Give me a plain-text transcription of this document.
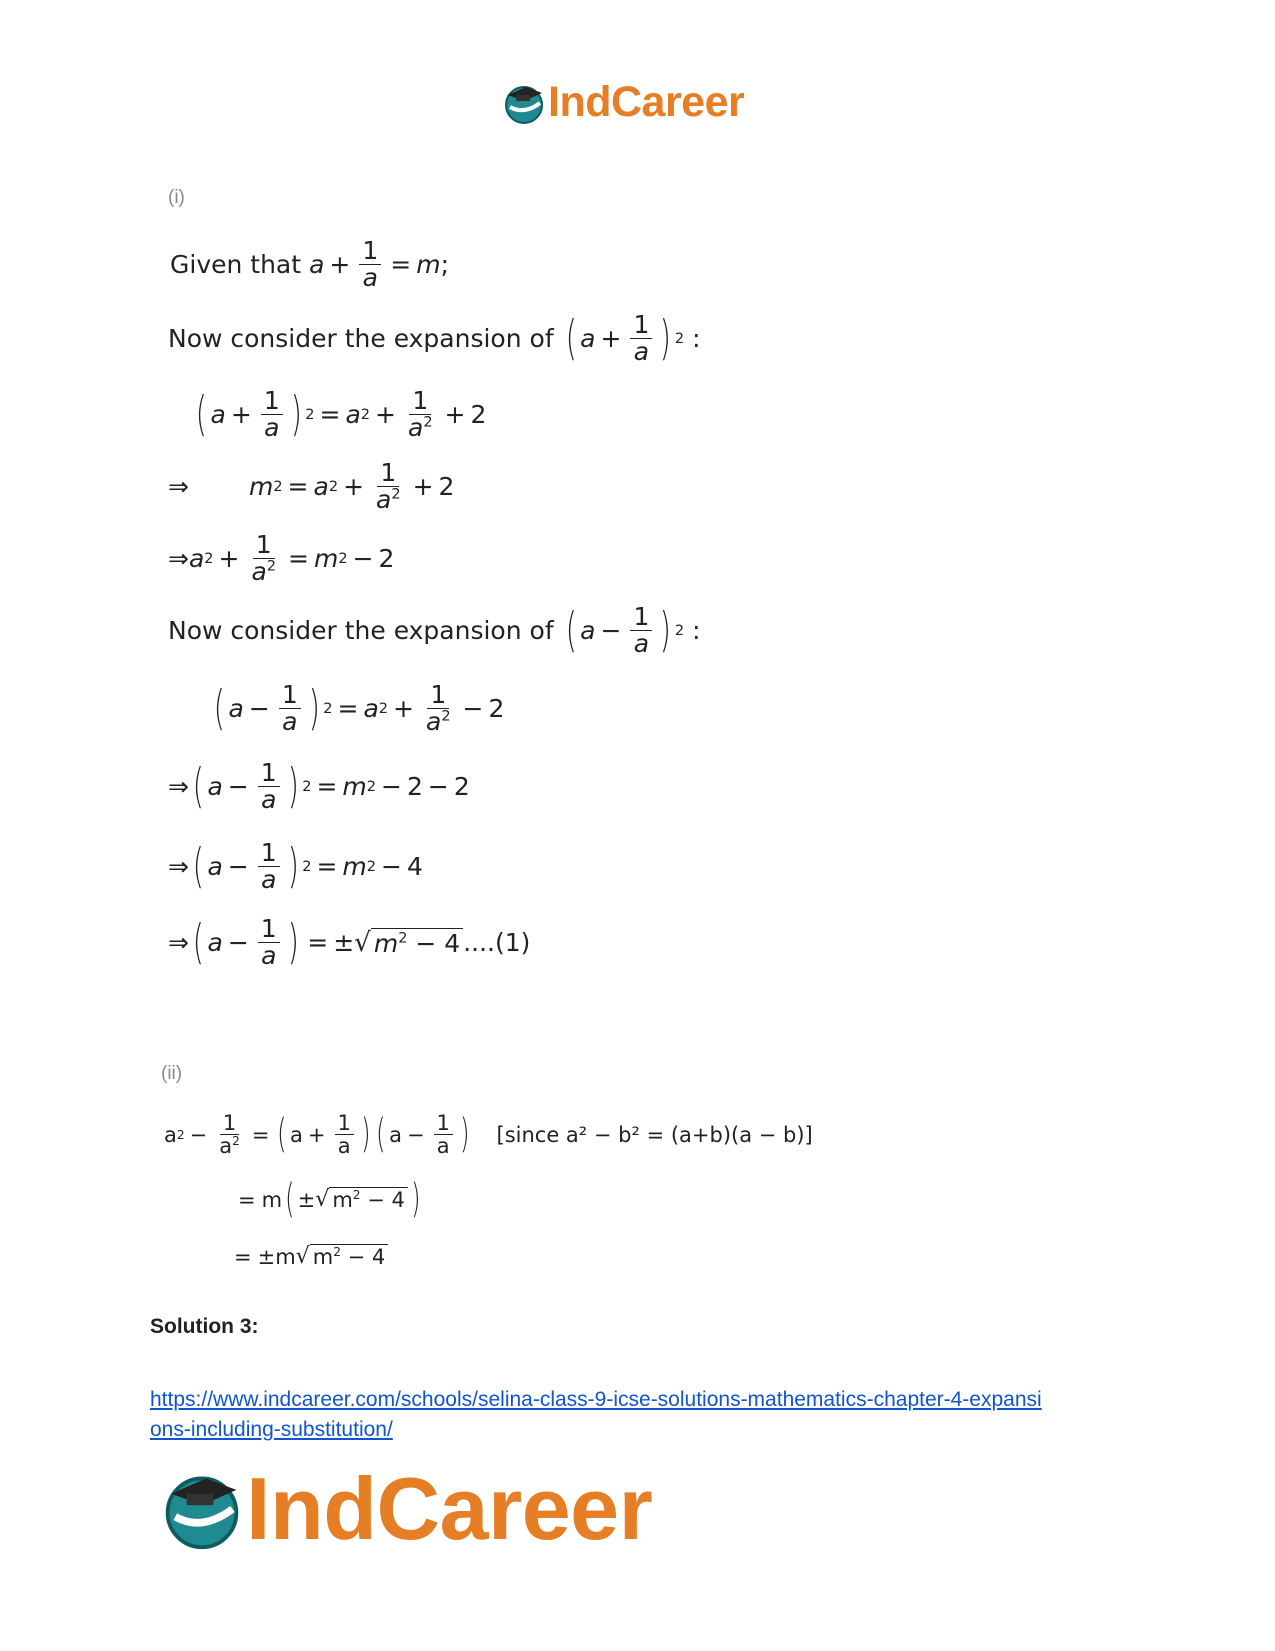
IndCareer
(i)
Given that $a + \frac{1}{a} = m$ ;
Now consider the expansion of ( $a + \frac{1}{a}$ ) 2 :
( $a + \frac{1}{a}$ ) 2 = a $2 + \frac{1}{a^2} + 2$
⇒ m 2 = a $2 + \frac{1}{a^2} + 2$
⇒ a $2 + \frac{1}{a^2} = m$ 2 − 2
Now consider the expansion of ( $a - \frac{1}{a}$ ) 2 :
( $a - \frac{1}{a}$ ) 2 = a $2 + \frac{1}{a^2} - 2$
⇒ ( $a - \frac{1}{a}$ ) 2 = m 2 − 2 − 2
⇒ ( $a - \frac{1}{a}$ ) 2 = m 2 − 4
⇒ ( $a - \frac{1}{a}$ ) = ± √ $m^2 - 4$ ....(1)
(ii)
a $2 - \frac{1}{a^2}$ = ( $a + \frac{1}{a}$ ) ( $a - \frac{1}{a}$ ) [since a² − b² = (a+b)(a − b)]
= m ( ± √ $m^2 - 4$ )
= ±m √ $m^2 - 4$
Solution 3:
https://www.indcareer.com/schools/selina-class-9-icse-solutions-mathematics-chapter-4-expansi
ons-including-substitution/
IndCareer
